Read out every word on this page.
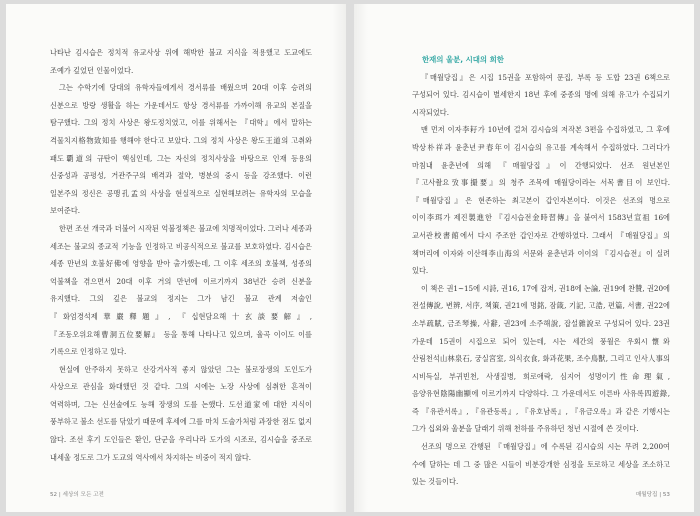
나타난 김시습은 정치적 유교사상 위에 해박한 불교 지식을 적용했고 도교에도 조예가 깊었던 인물이었다.

그는 수학기에 당대의 유학자들에게서 경서류를 배웠으며 20대 이후 승려의 신분으로 방랑 생활을 하는 가운데서도 항상 경서류를 가까이해 유교의 본질을 탐구했다. 그의 정치 사상은 왕도정치였고, 이를 위해서는 『대학』에서 말하는 격물치지格物致知를 행해야 한다고 보았다. 그의 정치 사상은 왕도王道의 고취와 패도覇道의 규탄이 핵심인데, 그는 자신의 정치사상을 바탕으로 인재 등용의 신중성과 공평성, 거관주구의 배격과 절약, 병분의 중시 등을 강조했다. 이런 일본주의 정신은 공맹孔孟의 사상을 현실적으로 실현해보려는 유학자의 모습을 보여준다.

한편 조선 개국과 더불어 시작된 억불정책은 불교에 치명적이었다. 그러나 세종과 세조는 불교의 종교적 기능을 인정하고 비공식적으로 불교를 보호하였다. 김시습은 세종 만년의 호불好佛에 영향을 받아 출가했는데, 그 이후 세조의 호불책, 성종의 억불책을 겪으면서 20대 이후 거의 만년에 이르기까지 38년간 승려 신분을 유지했다. 그의 깊은 불교의 정지는 그가 남긴 불교 관계 저술인 『화엄경석제華嚴釋題』, 『십현담요해十玄談要解』, 『조동오위요해曹洞五位要解』 등을 통해 나타나고 있으며, 율곡 이이도 이를 기록으로 인정하고 있다.

현실에 안주하지 못하고 산강거사적 좋지 않았던 그는 불로장생의 도인도가 사상으로 관심을 화대했던 것 같다. 그의 시에는 노장 사상에 심취한 흔적이 역력하며, 그는 신선술에도 능해 장생의 도를 논했다. 도선道家에 대한 지식이 풍부하고 불소 선도를 닦았기 때문에 후세에 그를 마치 도술가처럼 과장한 점도 없지 않다. 조선 후기 도인들은 환인, 단군을 우리나라 도가의 시조로, 김시습을 중조로 내세울 정도로 그가 도교의 역사에서 차지하는 비중이 적지 않다.

52 | 세상의 모든 고전
한재의 울분, 시대의 희한

『매월당집』은 시집 15권을 포함하여 문집, 부록 등 도합 23권 6책으로 구성되어 있다. 김시습이 별세한지 18년 후에 중종의 명에 의해 유고가 수집되기 시작되었다.

맨 먼저 이자李耔가 10년에 걸쳐 김시습의 저작본 3편을 수집하였고, 그 후에 박상朴祥과 윤춘년尹春年이 김시습의 유고를 계속해서 수집하였다. 그러다가 마침내 윤춘년에 의해 『매월당집』이 간행되었다. 선조 원년본인 『고사촬요攷事撮要』의 청주 조목에 매월당이라는 서목書目이 보인다. 『매월당집』은 현존하는 최고본이 갑인자본이다. 이것은 선조의 명으로 이이李珥가 제진製進한 『김시습전金時習傳』을 붙여서 1583년宣祖 16에 교서관校書館에서 다시 주조한 갑인자로 간행하였다. 그래서 『매월당집』의 책머리에 이자와 이산해李山海의 서문와 윤춘년과 이이의 『김시습전』이 실려 있다.

이 책은 권1~15에 시詩, 권16, 17에 잡저, 권18에 논論, 권19에 찬贊, 권20에 전설傳說, 변辨, 서序, 책策, 권21에 명銘, 잠箴, 기記, 고誥, 편篇, 서書, 권22에 소부疏賦, 금조琴操, 사辭, 권23에 소주해說, 잡설雜說로 구성되어 있다. 23권 가운데 15권이 시집으로 되어 있는데, 시는 세간의 풍월은 우회시懷와 산림천석山林泉石, 궁실宮室, 의식衣食, 화과花果, 조수鳥獸, 그리고 인사人事의 시비득실, 부귀빈천, 사생질병, 희로애락, 심지어 성명이기性命理氣, 음양유현陰陽幽顯에 이르기까지 다양하다. 그 가운데서도 이른바 사유록四遊錄, 즉 『유관서록』, 『유관동록』, 『유호남록』, 『유금오록』과 같은 기행시는 그가 십외와 울분을 달래기 위해 천하를 주유하던 청년 시절에 쓴 것이다.

선조의 명으로 간행된 『매월당집』에 수록된 김시습의 시는 무려 2,200여 수에 달하는 데 그 중 많은 시들이 비분강개한 심정을 토로하고 세상을 조소하고 있는 것들이다.

매월당집 | 53
